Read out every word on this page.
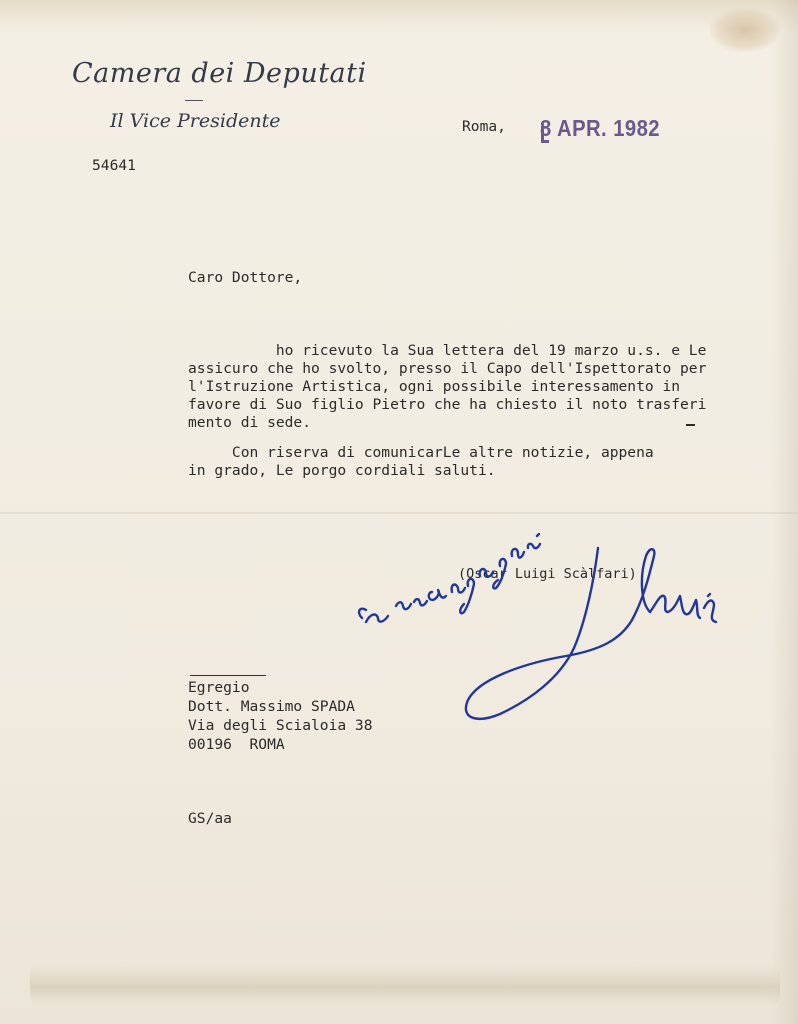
Camera dei Deputati
Il Vice Presidente
54641
Roma, 8 APR. 1982
Caro Dottore,
ho ricevuto la Sua lettera del 19 marzo u.s. e Le
assicuro che ho svolto, presso il Capo dell'Ispettorato per
l'Istruzione Artistica, ogni possibile interessamento in
favore di Suo figlio Pietro che ha chiesto il noto trasferi
mento di sede.
Con riserva di comunicarLe altre notizie, appena
in grado, Le porgo cordiali saluti.
(Oscar Luigi Scàlfari)
Egregio
Dott. Massimo SPADA
Via degli Scialoia 38
00196  ROMA
GS/aa
